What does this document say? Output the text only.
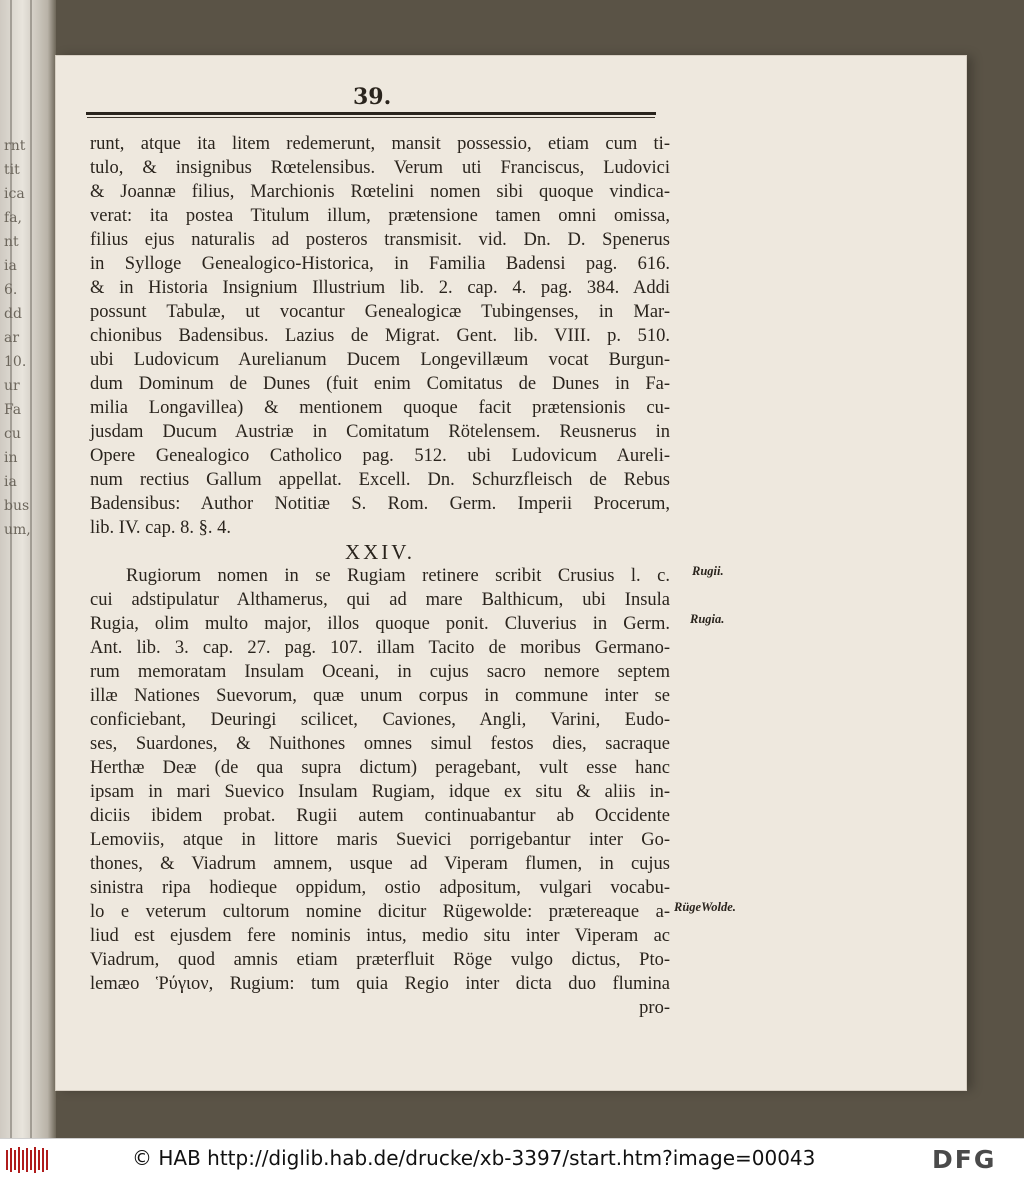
rnt
tit
ica
fa,
nt
ia
6.
dd
ar
10.
ur
Fa
cu
in
ia
bus
um,
39.
runt, atque ita litem redemerunt, mansit possessio, etiam cum ti-
tulo, & insignibus Rœtelensibus. Verum uti Franciscus, Ludovici
& Joannæ filius, Marchionis Rœtelini nomen sibi quoque vindica-
verat: ita postea Titulum illum, prætensione tamen omni omissa,
filius ejus naturalis ad posteros transmisit. vid. Dn. D. Spenerus
in Sylloge Genealogico-Historica, in Familia Badensi pag. 616.
& in Historia Insignium Illustrium lib. 2. cap. 4. pag. 384. Addi
possunt Tabulæ, ut vocantur Genealogicæ Tubingenses, in Mar-
chionibus Badensibus. Lazius de Migrat. Gent. lib. VIII. p. 510.
ubi Ludovicum Aurelianum Ducem Longevillæum vocat Burgun-
dum Dominum de Dunes (fuit enim Comitatus de Dunes in Fa-
milia Longavillea) & mentionem quoque facit prætensionis cu-
jusdam Ducum Austriæ in Comitatum Rötelensem. Reusnerus in
Opere Genealogico Catholico pag. 512. ubi Ludovicum Aureli-
num rectius Gallum appellat. Excell. Dn. Schurzfleisch de Rebus
Badensibus: Author Notitiæ S. Rom. Germ. Imperii Procerum,
lib. IV. cap. 8. §. 4.
XXIV.
Rugiorum nomen in se Rugiam retinere scribit Crusius l. c.
cui adstipulatur Althamerus, qui ad mare Balthicum, ubi Insula
Rugia, olim multo major, illos quoque ponit. Cluverius in Germ.
Ant. lib. 3. cap. 27. pag. 107. illam Tacito de moribus Germano-
rum memoratam Insulam Oceani, in cujus sacro nemore septem
illæ Nationes Suevorum, quæ unum corpus in commune inter se
conficiebant, Deuringi scilicet, Caviones, Angli, Varini, Eudo-
ses, Suardones, & Nuithones omnes simul festos dies, sacraque
Herthæ Deæ (de qua supra dictum) peragebant, vult esse hanc
ipsam in mari Suevico Insulam Rugiam, idque ex situ & aliis in-
diciis ibidem probat. Rugii autem continuabantur ab Occidente
Lemoviis, atque in littore maris Suevici porrigebantur inter Go-
thones, & Viadrum amnem, usque ad Viperam flumen, in cujus
sinistra ripa hodieque oppidum, ostio adpositum, vulgari vocabu-
lo e veterum cultorum nomine dicitur Rügewolde: prætereaque a-
liud est ejusdem fere nominis intus, medio situ inter Viperam ac
Viadrum, quod amnis etiam præterfluit Röge vulgo dictus, Pto-
lemæo Ῥύγιον, Rugium: tum quia Regio inter dicta duo flumina
pro-
Rugii.
Rugia.
RügeWolde.
© HAB http://diglib.hab.de/drucke/xb-3397/start.htm?image=00043	DFG
